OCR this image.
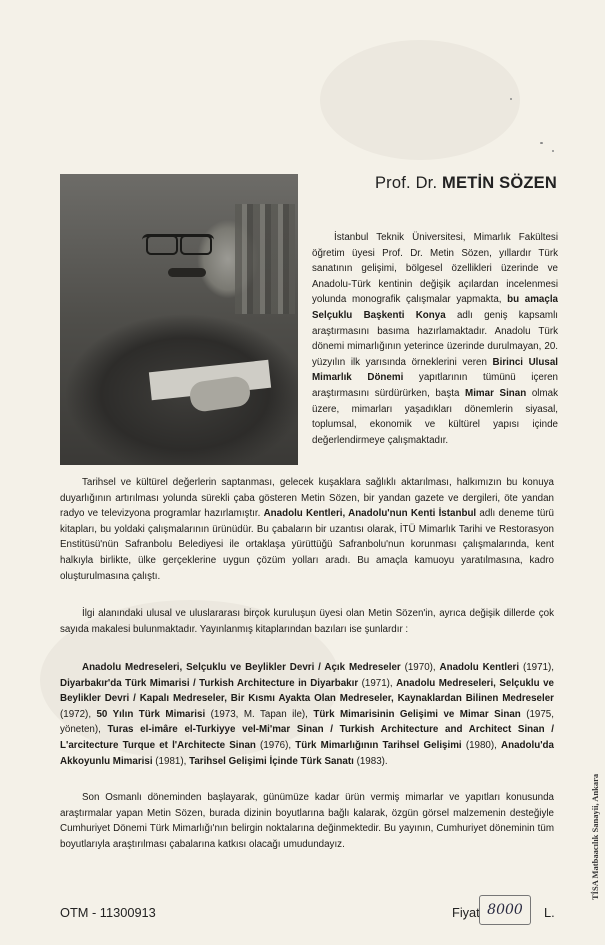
Prof. Dr. METİN SÖZEN
İstanbul Teknik Üniversitesi, Mimarlık Fakültesi öğretim üyesi Prof. Dr. Metin Sözen, yıllardır Türk sanatının gelişimi, bölgesel özellikleri üzerinde ve Anadolu-Türk kentinin değişik açılardan incelenmesi yolunda monografik çalışmalar yapmakta, bu amaçla Selçuklu Başkenti Konya adlı geniş kapsamlı araştırmasını basıma hazırlamaktadır. Anadolu Türk dönemi mimarlığının yeterince üzerinde durulmayan, 20. yüzyılın ilk yarısında örneklerini veren Birinci Ulusal Mimarlık Dönemi yapıtlarının tümünü içeren araştırmasını sürdürürken, başta Mimar Sinan olmak üzere, mimarları yaşadıkları dönemlerin siyasal, toplumsal, ekonomik ve kültürel yapısı içinde değerlendirmeye çalışmaktadır.
Tarihsel ve kültürel değerlerin saptanması, gelecek kuşaklara sağlıklı aktarılması, halkımızın bu konuya duyarlığının artırılması yolunda sürekli çaba gösteren Metin Sözen, bir yandan gazete ve dergileri, öte yandan radyo ve televizyona programlar hazırlamıştır. Anadolu Kentleri, Anadolu'nun Kenti İstanbul adlı deneme türü kitapları, bu yoldaki çalışmalarının ürünüdür. Bu çabaların bir uzantısı olarak, İTÜ Mimarlık Tarihi ve Restorasyon Enstitüsü'nün Safranbolu Belediyesi ile ortaklaşa yürüttüğü Safranbolu'nun korunması çalışmalarında, kent halkıyla birlikte, ülke gerçeklerine uygun çözüm yolları aradı. Bu amaçla kamuoyu yaratılmasına, kadro oluşturulmasına çalıştı.
İlgi alanındaki ulusal ve uluslararası birçok kuruluşun üyesi olan Metin Sözen'in, ayrıca değişik dillerde çok sayıda makalesi bulunmaktadır. Yayınlanmış kitaplarından bazıları ise şunlardır :
Anadolu Medreseleri, Selçuklu ve Beylikler Devri / Açık Medreseler (1970), Anadolu Kentleri (1971), Diyarbakır'da Türk Mimarisi / Turkish Architecture in Diyarbakır (1971), Anadolu Medreseleri, Selçuklu ve Beylikler Devri / Kapalı Medreseler, Bir Kısmı Ayakta Olan Medreseler, Kaynaklardan Bilinen Medreseler (1972), 50 Yılın Türk Mimarisi (1973, M. Tapan ile), Türk Mimarisinin Gelişimi ve Mimar Sinan (1975, yöneten), Turas el-imâre el-Turkiyye vel-Mi'mar Sinan / Turkish Architecture and Architect Sinan / L'arcitecture Turque et l'Architecte Sinan (1976), Türk Mimarlığının Tarihsel Gelişimi (1980), Anadolu'da Akkoyunlu Mimarisi (1981), Tarihsel Gelişimi İçinde Türk Sanatı (1983).
Son Osmanlı döneminden başlayarak, günümüze kadar ürün vermiş mimarlar ve yapıtları konusunda araştırmalar yapan Metin Sözen, burada dizinin boyutlarına bağlı kalarak, özgün görsel malzemenin desteğiyle Cumhuriyet Dönemi Türk Mimarlığı'nın belirgin noktalarına değinmektedir. Bu yayının, Cumhuriyet döneminin tüm boyutlarıyla araştırılması çabalarına katkısı olacağı umudundayız.
OTM - 11300913	Fiyat 8000	L.
TİSA Matbaacılık Sanayii, Ankara
